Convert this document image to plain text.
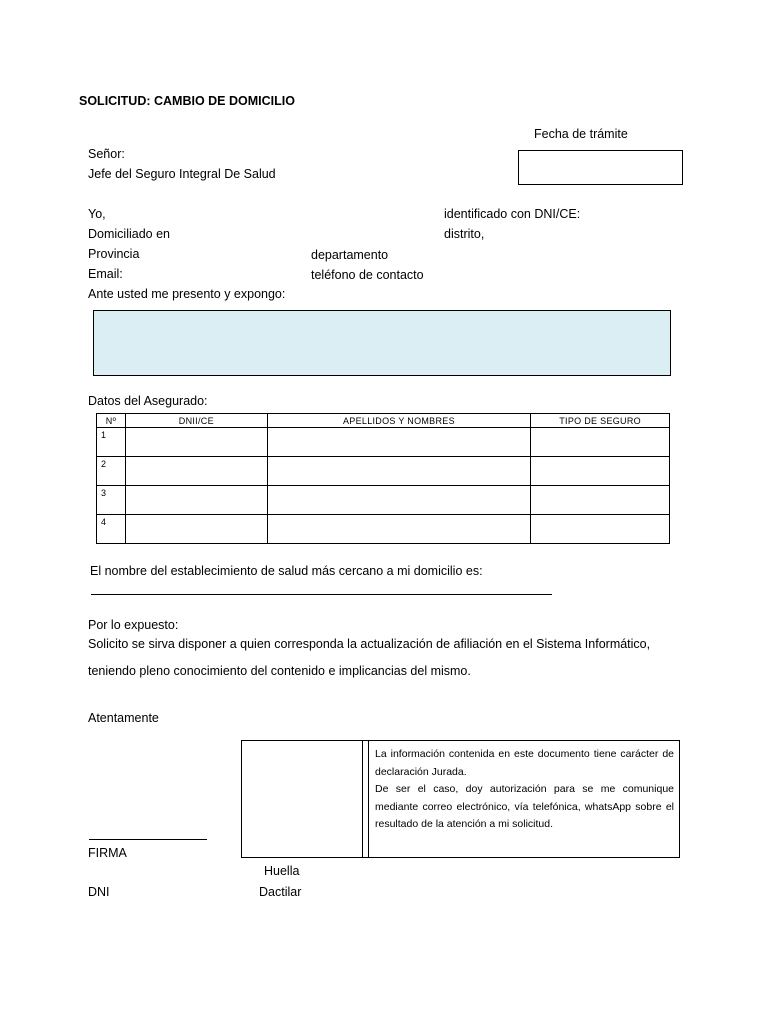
SOLICITUD: CAMBIO DE DOMICILIO
Fecha de trámite
Señor:
Jefe del Seguro Integral De Salud
Yo,	identificado con DNI/CE:
Domiciliado en	distrito,
Provincia	departamento
Email:	teléfono de contacto
Ante usted me presento y expongo:
Datos del Asegurado:
Nº	DNII/CE	APELLIDOS Y NOMBRES	TIPO DE SEGURO
1			
2			
3			
4			
El nombre del establecimiento de salud más cercano a mi domicilio es:
Por lo expuesto:
Solicito se sirva disponer a quien corresponda la actualización de afiliación en el Sistema Informático,
teniendo pleno conocimiento del contenido e implicancias del mismo.
Atentamente

La información contenida en este documento tiene carácter de declaración Jurada.

De ser el caso, doy autorización para se me comunique mediante correo electrónico, vía telefónica, whatsApp sobre el resultado de la atención a mi solicitud.

FIRMA
Huella
DNI	Dactilar
